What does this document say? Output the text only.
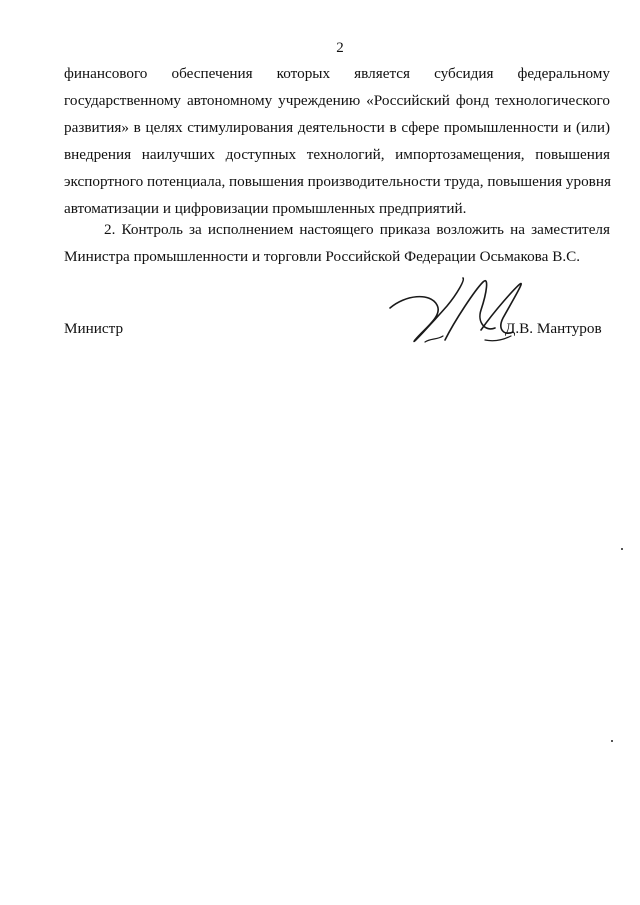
2
финансового обеспечения которых является субсидия федеральному
государственному автономному учреждению «Российский фонд технологического
развития» в целях стимулирования деятельности в сфере промышленности и (или)
внедрения наилучших доступных технологий, импортозамещения, повышения
экспортного потенциала, повышения производительности труда, повышения уровня
автоматизации и цифровизации промышленных предприятий.
2. Контроль за исполнением настоящего приказа возложить на заместителя
Министра промышленности и торговли Российской Федерации Осьмакова В.С.
Министр	Д.В. Мантуров
